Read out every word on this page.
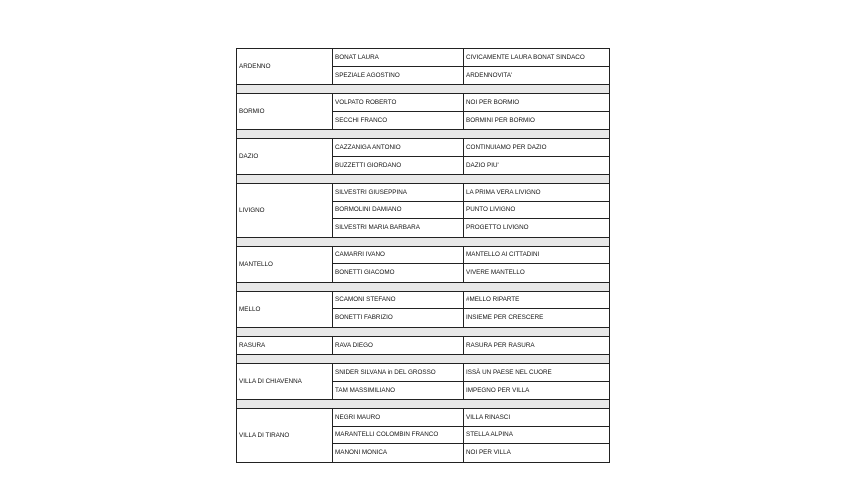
ARDENNO
BONAT LAURA	CIVICAMENTE LAURA BONAT SINDACO
SPEZIALE AGOSTINO	ARDENNOVITA'
BORMIO
VOLPATO ROBERTO	NOI PER BORMIO
SECCHI FRANCO	BORMINI PER BORMIO
DAZIO
CAZZANIGA ANTONIO	CONTINUIAMO PER DAZIO
BUZZETTI GIORDANO	DAZIO PIU'
LIVIGNO
SILVESTRI GIUSEPPINA	LA PRIMA VERA LIVIGNO
BORMOLINI DAMIANO	PUNTO LIVIGNO
SILVESTRI MARIA BARBARA	PROGETTO LIVIGNO
MANTELLO
CAMARRI IVANO	MANTELLO AI CITTADINI
BONETTI GIACOMO	VIVERE MANTELLO
MELLO
SCAMONI STEFANO	#MELLO RIPARTE
BONETTI FABRIZIO	INSIEME PER CRESCERE
RASURA	RAVA DIEGO	RASURA PER RASURA
VILLA DI CHIAVENNA
SNIDER SILVANA in DEL GROSSO	ISSÀ UN PAESE NEL CUORE
TAM MASSIMILIANO	IMPEGNO PER VILLA
VILLA DI TIRANO
NEGRI MAURO	VILLA RINASCI
MARANTELLI COLOMBIN FRANCO	STELLA ALPINA
MANONI MONICA	NOI PER VILLA
